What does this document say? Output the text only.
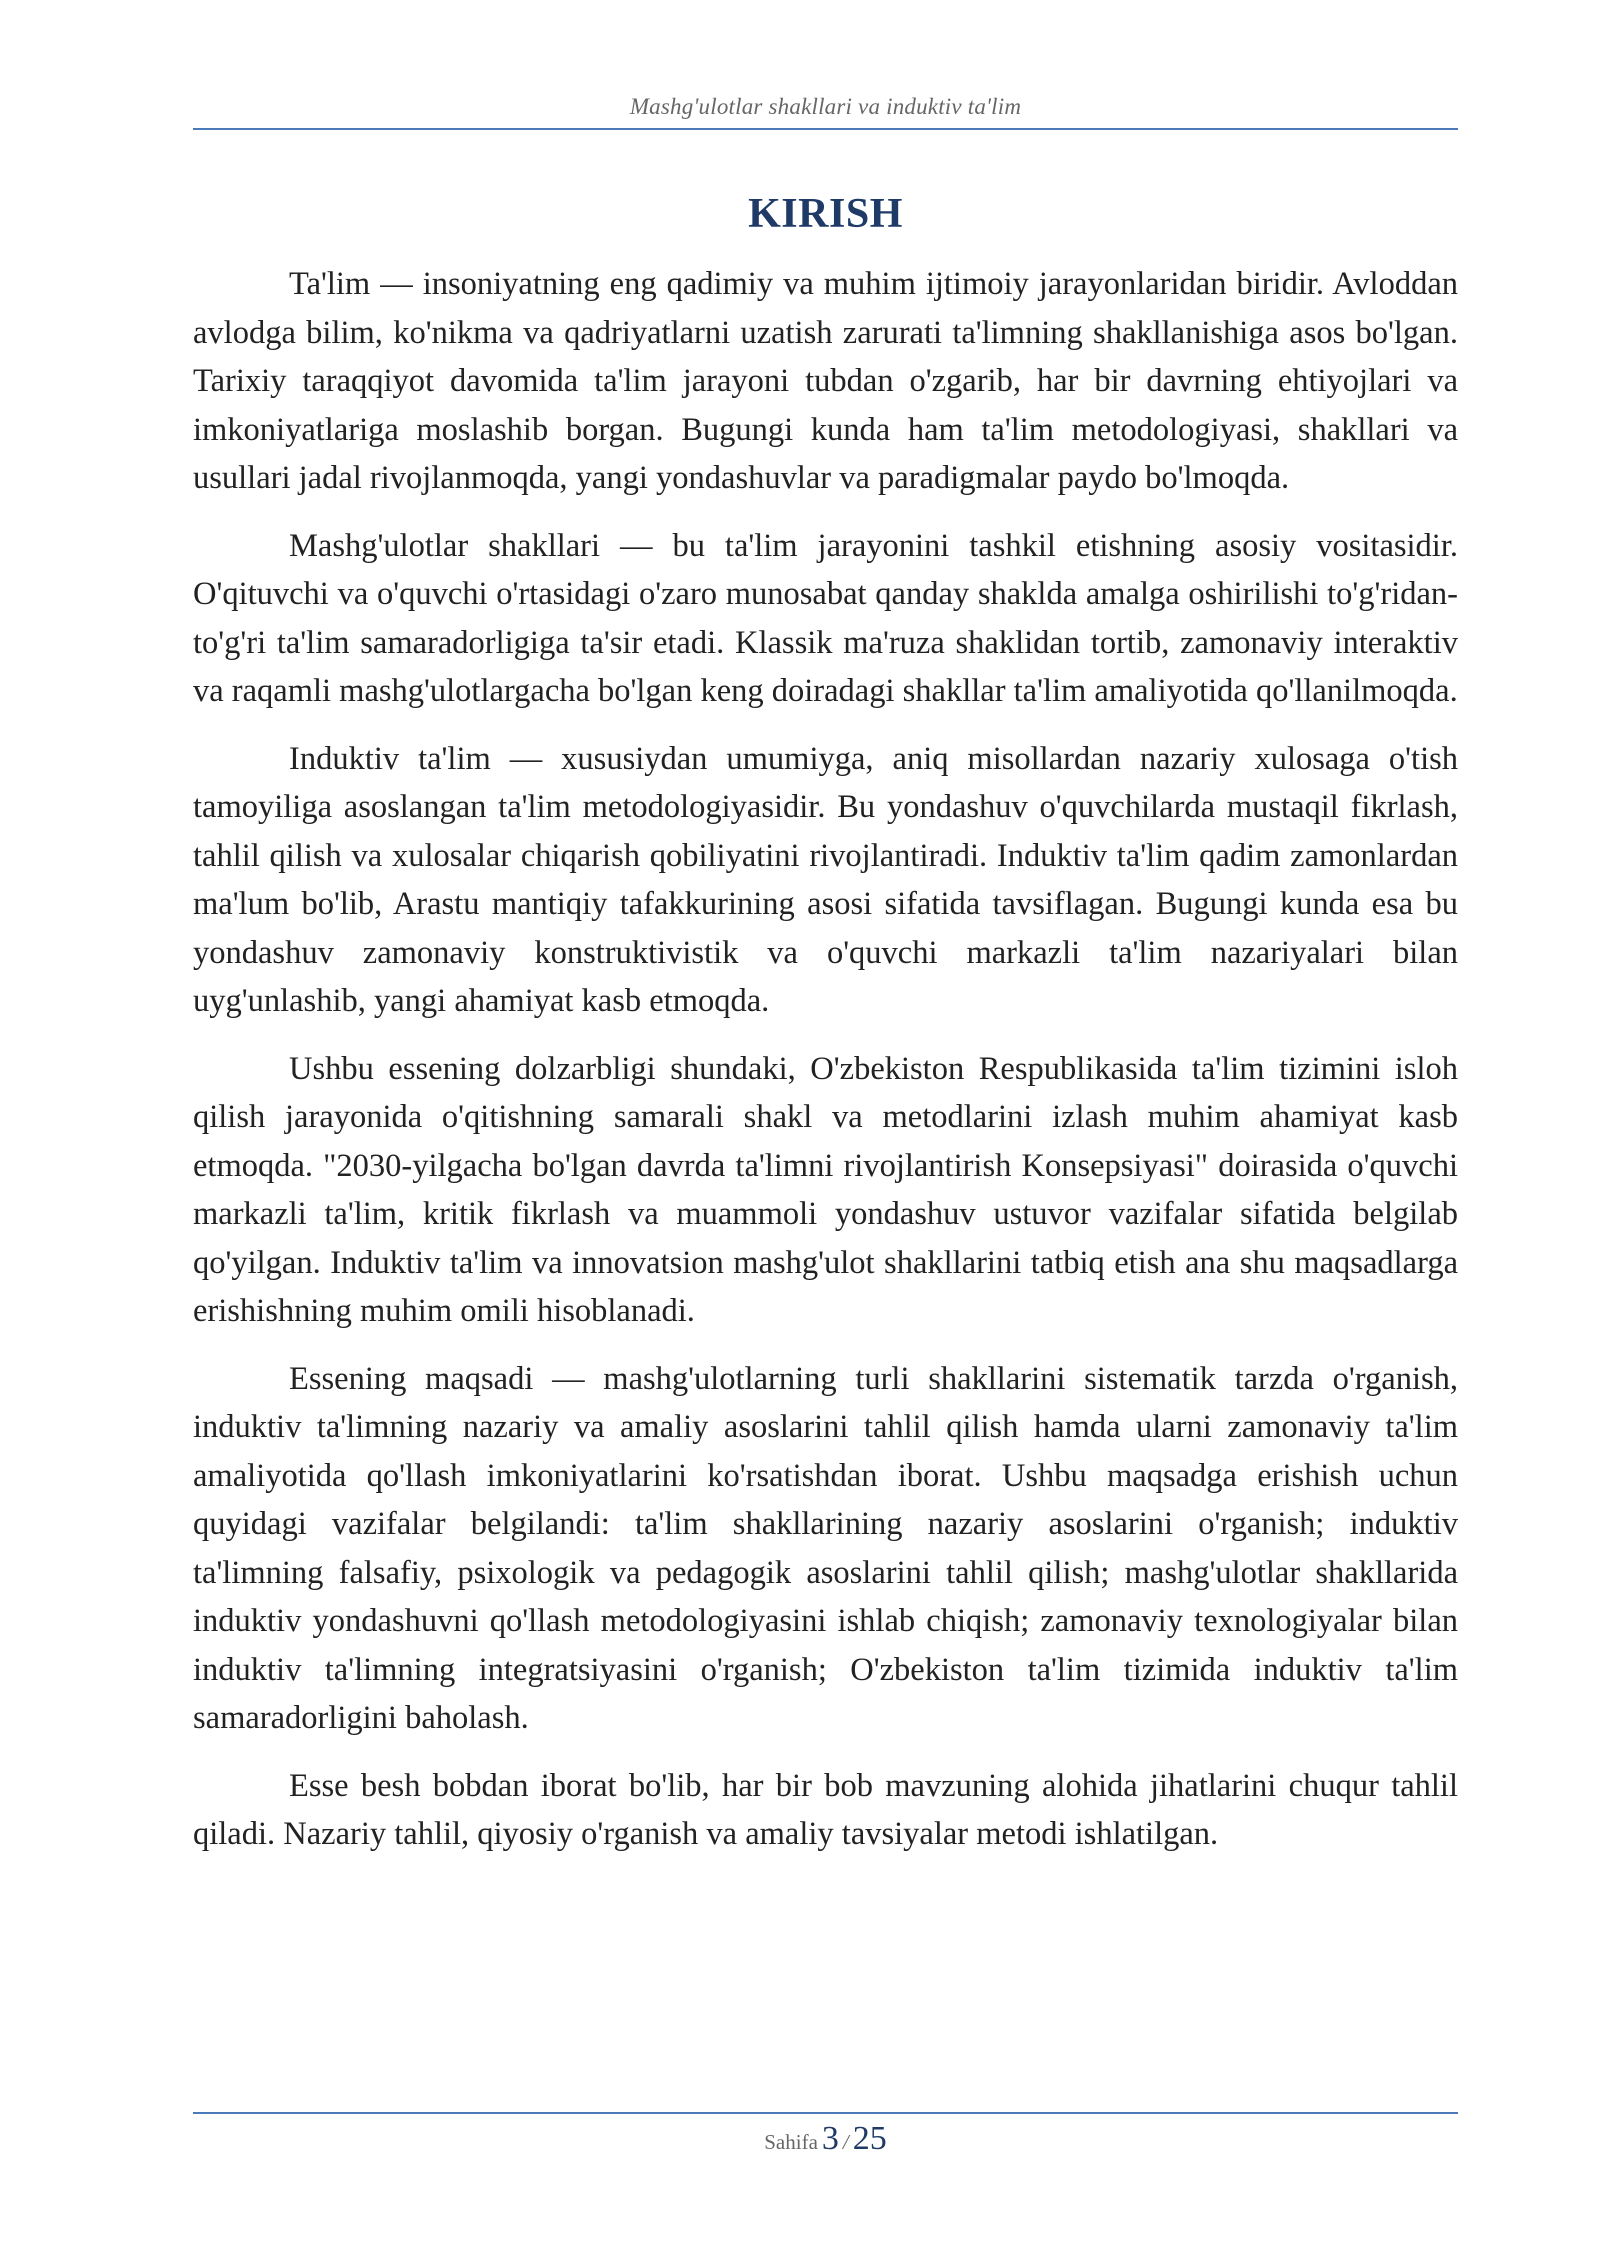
Mashg'ulotlar shakllari va induktiv ta'lim
KIRISH

Ta'lim — insoniyatning eng qadimiy va muhim ijtimoiy jarayonlaridan biridir. Avloddan avlodga bilim, ko'nikma va qadriyatlarni uzatish zarurati ta'limning shakllanishiga asos bo'lgan. Tarixiy taraqqiyot davomida ta'lim jarayoni tubdan o'zgarib, har bir davrning ehtiyojlari va imkoniyatlariga moslashib borgan. Bugungi kunda ham ta'lim metodologiyasi, shakllari va usullari jadal rivojlanmoqda, yangi yondashuvlar va paradigmalar paydo bo'lmoqda.

Mashg'ulotlar shakllari — bu ta'lim jarayonini tashkil etishning asosiy vositasidir. O'qituvchi va o'quvchi o'rtasidagi o'zaro munosabat qanday shaklda amalga oshirilishi to'g'ridan-to'g'ri ta'lim samaradorligiga ta'sir etadi. Klassik ma'ruza shaklidan tortib, zamonaviy interaktiv va raqamli mashg'ulotlargacha bo'lgan keng doiradagi shakllar ta'lim amaliyotida qo'llanilmoqda.

Induktiv ta'lim — xususiydan umumiyga, aniq misollardan nazariy xulosaga o'tish tamoyiliga asoslangan ta'lim metodologiyasidir. Bu yondashuv o'quvchilarda mustaqil fikrlash, tahlil qilish va xulosalar chiqarish qobiliyatini rivojlantiradi. Induktiv ta'lim qadim zamonlardan ma'lum bo'lib, Arastu mantiqiy tafakkurining asosi sifatida tavsiflagan. Bugungi kunda esa bu yondashuv zamonaviy konstruktivistik va o'quvchi markazli ta'lim nazariyalari bilan uyg'unlashib, yangi ahamiyat kasb etmoqda.

Ushbu essening dolzarbligi shundaki, O'zbekiston Respublikasida ta'lim tizimini isloh qilish jarayonida o'qitishning samarali shakl va metodlarini izlash muhim ahamiyat kasb etmoqda. "2030-yilgacha bo'lgan davrda ta'limni rivojlantirish Konsepsiyasi" doirasida o'quvchi markazli ta'lim, kritik fikrlash va muammoli yondashuv ustuvor vazifalar sifatida belgilab qo'yilgan. Induktiv ta'lim va innovatsion mashg'ulot shakllarini tatbiq etish ana shu maqsadlarga erishishning muhim omili hisoblanadi.

Essening maqsadi — mashg'ulotlarning turli shakllarini sistematik tarzda o'rganish, induktiv ta'limning nazariy va amaliy asoslarini tahlil qilish hamda ularni zamonaviy ta'lim amaliyotida qo'llash imkoniyatlarini ko'rsatishdan iborat. Ushbu maqsadga erishish uchun quyidagi vazifalar belgilandi: ta'lim shakllarining nazariy asoslarini o'rganish; induktiv ta'limning falsafiy, psixologik va pedagogik asoslarini tahlil qilish; mashg'ulotlar shakllarida induktiv yondashuvni qo'llash metodologiyasini ishlab chiqish; zamonaviy texnologiyalar bilan induktiv ta'limning integratsiyasini o'rganish; O'zbekiston ta'lim tizimida induktiv ta'lim samaradorligini baholash.

Esse besh bobdan iborat bo'lib, har bir bob mavzuning alohida jihatlarini chuqur tahlil qiladi. Nazariy tahlil, qiyosiy o'rganish va amaliy tavsiyalar metodi ishlatilgan.

Sahifa 3 / 25
